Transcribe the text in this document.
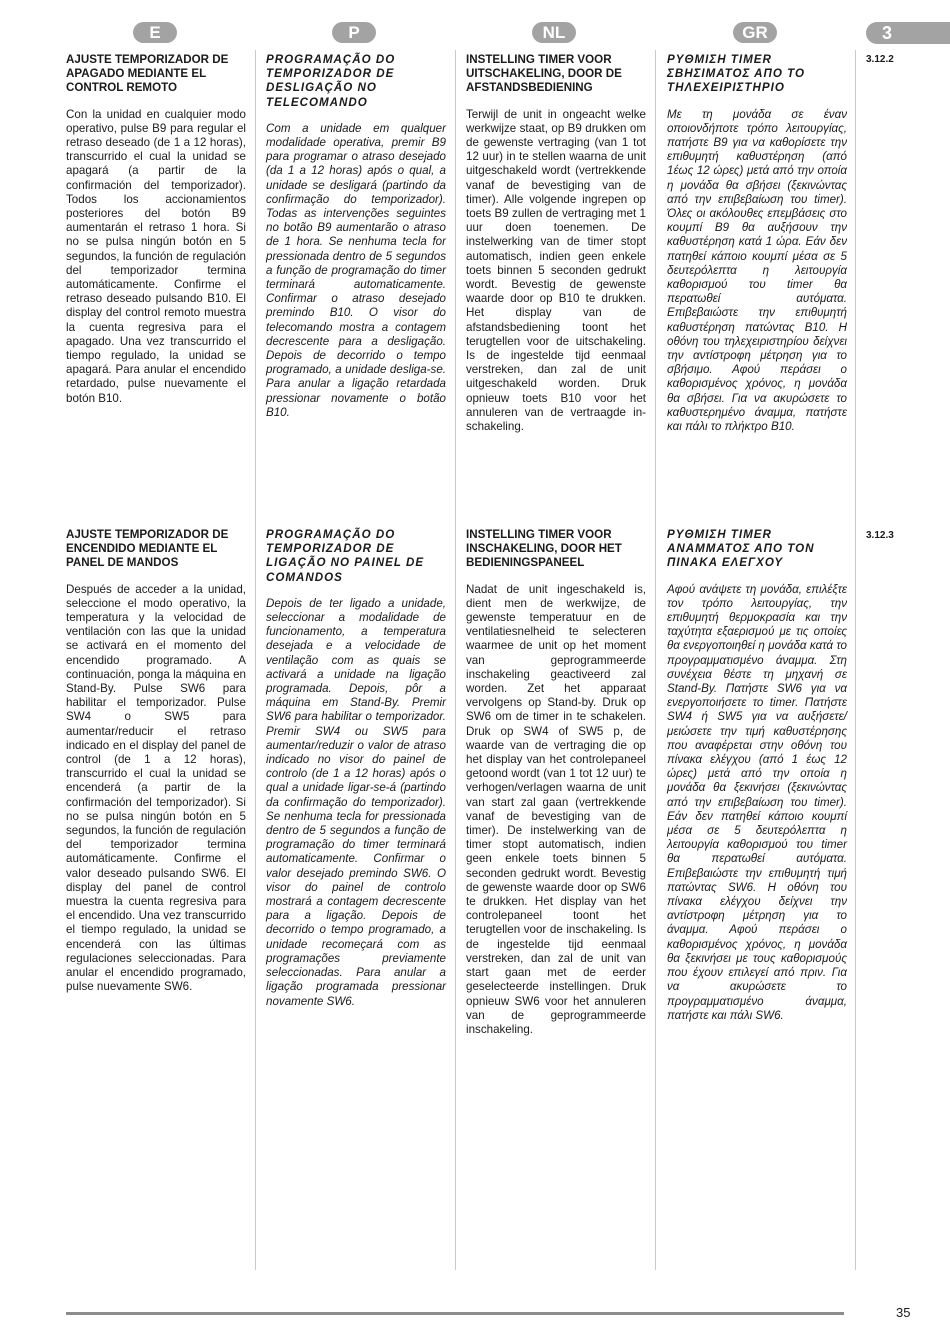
E	P	NL	GR	3
AJUSTE TEMPORIZADOR DE APAGADO MEDIANTE EL CONTROL REMOTO

Con la unidad en cualquier modo operativo, pulse B9 para regular el retraso deseado (de 1 a 12 horas), transcurrido el cual la unidad se apagará (a partir de la confirmación del temporizador). Todos los accionamientos posteriores del botón B9 aumentarán el retraso 1 hora. Si no se pulsa ningún botón en 5 segundos, la función de regulación del temporizador termina automáticamente. Confirme el retraso deseado pulsando B10. El display del control remoto muestra la cuenta regresiva para el apagado. Una vez transcurrido el tiempo regulado, la unidad se apagará. Para anular el encendido retardado, pulse nuevamente el botón B10.

PROGRAMAÇÃO DO TEMPORIZADOR DE DESLIGAÇÃO NO TELECOMANDO

Com a unidade em qualquer modalidade operativa, premir B9 para programar o atraso desejado (da 1 a 12 horas) após o qual, a unidade se desligará (partindo da confirmação do temporizador). Todas as intervenções seguintes no botão B9 aumentarão o atraso de 1 hora. Se nenhuma tecla for pressionada dentro de 5 segundos a função de programação do timer terminará automaticamente. Confirmar o atraso desejado premindo B10. O visor do telecomando mostra a contagem decrescente para a desligação. Depois de decorrido o tempo programado, a unidade desliga-se. Para anular a ligação retardada pressionar novamente o botão B10.

INSTELLING TIMER VOOR UITSCHAKELING, DOOR DE AFSTANDSBEDIENING

Terwijl de unit in ongeacht welke werkwijze staat, op B9 drukken om de gewenste vertraging (van 1 tot 12 uur) in te stellen waarna de unit uitgeschakeld wordt (vertrekkende vanaf de bevestiging van de timer). Alle volgende ingrepen op toets B9 zullen de vertraging met 1 uur doen toenemen. De instelwerking van de timer stopt automatisch, indien geen enkele toets binnen 5 seconden gedrukt wordt. Bevestig de gewenste waarde door op B10 te drukken. Het display van de afstandsbediening toont het terugtellen voor de uitschakeling. Is de ingestelde tijd eenmaal verstreken, dan zal de unit uitgeschakeld worden. Druk opnieuw toets B10 voor het annuleren van de vertraagde in-schakeling.

ΡΥΘΜΙΣΗ TIMER ΣΒΗΣΙΜΑΤΟΣ ΑΠΟ ΤΟ ΤΗΛΕΧΕΙΡΙΣΤΗΡΙΟ

Με τη μονάδα σε έναν οποιονδήποτε τρόπο λειτουργίας, πατήστε B9 για να καθορίσετε την επιθυμητή καθυστέρηση (από 1έως 12 ώρες) μετά από την οποία η μονάδα θα σβήσει (ξεκινώντας από την επιβεβαίωση του timer). Όλες οι ακόλουθες επεμβάσεις στο κουμπί B9 θα αυξήσουν την καθυστέρηση κατά 1 ώρα. Εάν δεν πατηθεί κάποιο κουμπί μέσα σε 5 δευτερόλεπτα η λειτουργία καθορισμού του timer θα περατωθεί αυτόματα. Επιβεβαιώστε την επιθυμητή καθυστέρηση πατώντας B10. Η οθόνη του τηλεχειριστηρίου δείχνει την αντίστροφη μέτρηση για το σβήσιμο. Αφού περάσει ο καθορισμένος χρόνος, η μονάδα θα σβήσει. Για να ακυρώσετε το καθυστερημένο άναμμα, πατήστε και πάλι το πλήκτρο B10.

3.12.2
AJUSTE TEMPORIZADOR DE ENCENDIDO MEDIANTE EL PANEL DE MANDOS

Después de acceder a la unidad, seleccione el modo operativo, la temperatura y la velocidad de ventilación con las que la unidad se activará en el momento del encendido programado. A continuación, ponga la máquina en Stand-By. Pulse SW6 para habilitar el temporizador. Pulse SW4 o SW5 para aumentar/reducir el retraso indicado en el display del panel de control (de 1 a 12 horas), transcurrido el cual la unidad se encenderá (a partir de la confirmación del temporizador). Si no se pulsa ningún botón en 5 segundos, la función de regulación del temporizador termina automáticamente. Confirme el valor deseado pulsando SW6. El display del panel de control muestra la cuenta regresiva para el encendido. Una vez transcurrido el tiempo regulado, la unidad se encenderá con las últimas regulaciones seleccionadas. Para anular el encendido programado, pulse nuevamente SW6.

PROGRAMAÇÃO DO TEMPORIZADOR DE LIGAÇÃO NO PAINEL DE COMANDOS

Depois de ter ligado a unidade, seleccionar a modalidade de funcionamento, a temperatura desejada e a velocidade de ventilação com as quais se activará a unidade na ligação programada. Depois, pôr a máquina em Stand-By. Premir SW6 para habilitar o temporizador. Premir SW4 ou SW5 para aumentar/reduzir o valor de atraso indicado no visor do painel de controlo (de 1 a 12 horas) após o qual a unidade ligar-se-á (partindo da confirmação do temporizador). Se nenhuma tecla for pressionada dentro de 5 segundos a função de programação do timer terminará automaticamente. Confirmar o valor desejado premindo SW6. O visor do painel de controlo mostrará a contagem decrescente para a ligação. Depois de decorrido o tempo programado, a unidade recomeçará com as programações previamente seleccionadas. Para anular a ligação programada pressionar novamente SW6.

INSTELLING TIMER VOOR INSCHAKELING, DOOR HET BEDIENINGSPANEEL

Nadat de unit ingeschakeld is, dient men de werkwijze, de gewenste temperatuur en de ventilatiesnelheid te selecteren waarmee de unit op het moment van geprogrammeerde inschakeling geactiveerd zal worden. Zet het apparaat vervolgens op Stand-by. Druk op SW6 om de timer in te schakelen. Druk op SW4 of SW5 p, de waarde van de vertraging die op het display van het controlepaneel getoond wordt (van 1 tot 12 uur) te verhogen/verlagen waarna de unit van start zal gaan (vertrekkende vanaf de bevestiging van de timer). De instelwerking van de timer stopt automatisch, indien geen enkele toets binnen 5 seconden gedrukt wordt. Bevestig de gewenste waarde door op SW6 te drukken. Het display van het controlepaneel toont het terugtellen voor de inschakeling. Is de ingestelde tijd eenmaal verstreken, dan zal de unit van start gaan met de eerder geselecteerde instellingen. Druk opnieuw SW6 voor het annuleren van de geprogrammeerde inschakeling.

ΡΥΘΜΙΣΗ TIMER ΑΝΑΜΜΑΤΟΣ ΑΠΟ ΤΟΝ ΠΙΝΑΚΑ ΕΛΕΓΧΟΥ

Αφού ανάψετε τη μονάδα, επιλέξτε τον τρόπο λειτουργίας, την επιθυμητή θερμοκρασία και την ταχύτητα εξαερισμού με τις οποίες θα ενεργοποιηθεί η μονάδα κατά το προγραμματισμένο άναμμα. Στη συνέχεια θέστε τη μηχανή σε Stand-By. Πατήστε SW6 για να ενεργοποιήσετε το timer. Πατήστε SW4 ή SW5 για να αυξήσετε/μειώσετε την τιμή καθυστέρησης που αναφέρεται στην οθόνη του πίνακα ελέγχου (από 1 έως 12 ώρες) μετά από την οποία η μονάδα θα ξεκινήσει (ξεκινώντας από την επιβεβαίωση του timer). Εάν δεν πατηθεί κάποιο κουμπί μέσα σε 5 δευτερόλεπτα η λειτουργία καθορισμού του timer θα περατωθεί αυτόματα. Επιβεβαιώστε την επιθυμητή τιμή πατώντας SW6. Η οθόνη του πίνακα ελέγχου δείχνει την αντίστροφη μέτρηση για το άναμμα. Αφού περάσει ο καθορισμένος χρόνος, η μονάδα θα ξεκινήσει με τους καθορισμούς που έχουν επιλεγεί από πριν. Για να ακυρώσετε το προγραμματισμένο άναμμα, πατήστε και πάλι SW6.

3.12.3
35
